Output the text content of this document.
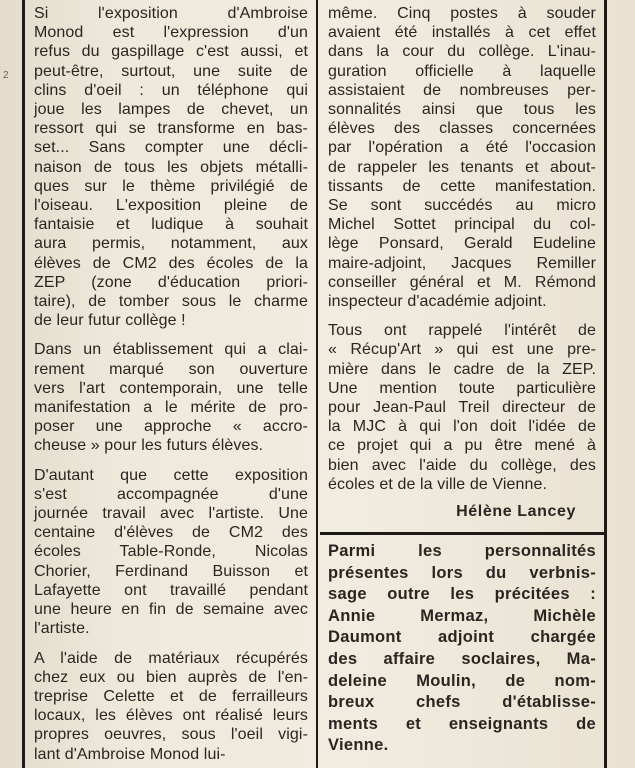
2

Si l'exposition d'Ambroise
Monod est l'expression d'un
refus du gaspillage c'est aussi, et
peut-être, surtout, une suite de
clins d'oeil : un téléphone qui
joue les lampes de chevet, un
ressort qui se transforme en bas-
set... Sans compter une décli-
naison de tous les objets métalli-
ques sur le thème privilégié de
l'oiseau. L'exposition pleine de
fantaisie et ludique à souhait
aura permis, notamment, aux
élèves de CM2 des écoles de la
ZEP (zone d'éducation priori-
taire), de tomber sous le charme
de leur futur collège !

Dans un établissement qui a clai-
rement marqué son ouverture
vers l'art contemporain, une telle
manifestation a le mérite de pro-
poser une approche « accro-
cheuse » pour les futurs élèves.

D'autant que cette exposition
s'est accompagnée d'une
journée travail avec l'artiste. Une
centaine d'élèves de CM2 des
écoles Table-Ronde, Nicolas
Chorier, Ferdinand Buisson et
Lafayette ont travaillé pendant
une heure en fin de semaine avec
l'artiste.

A l'aide de matériaux récupérés
chez eux ou bien auprès de l'en-
treprise Celette et de ferrailleurs
locaux, les élèves ont réalisé leurs
propres oeuvres, sous l'oeil vigi-
lant d'Ambroise Monod lui-

même. Cinq postes à souder
avaient été installés à cet effet
dans la cour du collège. L'inau-
guration officielle à laquelle
assistaient de nombreuses per-
sonnalités ainsi que tous les
élèves des classes concernées
par l'opération a été l'occasion
de rappeler les tenants et about-
tissants de cette manifestation.
Se sont succédés au micro
Michel Sottet principal du col-
lège Ponsard, Gerald Eudeline
maire-adjoint, Jacques Remiller
conseiller général et M. Rémond
inspecteur d'académie adjoint.

Tous ont rappelé l'intérêt de
« Récup'Art » qui est une pre-
mière dans le cadre de la ZEP.
Une mention toute particulière
pour Jean-Paul Treil directeur de
la MJC à qui l'on doit l'idée de
ce projet qui a pu être mené à
bien avec l'aide du collège, des
écoles et de la ville de Vienne.

Hélène Lancey

Parmi les personnalités
présentes lors du verbnis-
sage outre les précitées :
Annie Mermaz, Michèle
Daumont adjoint chargée
des affaire soclaires, Ma-
deleine Moulin, de nom-
breux chefs d'établisse-
ments et enseignants de
Vienne.
